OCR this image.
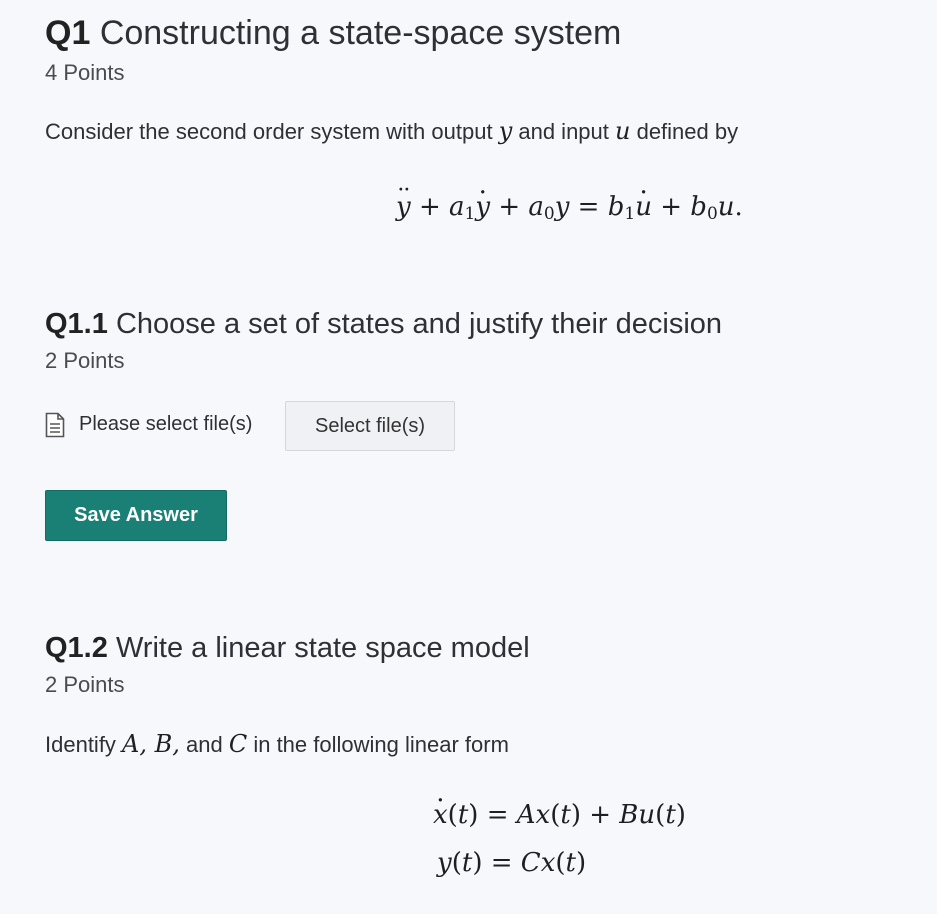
Q1 Constructing a state-space system
4 Points
Consider the second order system with output y and input u defined by
·· $y + a_1\cdot y + a_0y = b_1\cdot u + b_0u$.
Q1.1 Choose a set of states and justify their decision
2 Points
Please select file(s)	Select file(s)
Save Answer
Q1.2 Write a linear state space model
2 Points
Identify A, B, and C in the following linear form
· x(t) = Ax(t) + Bu(t)
y(t) = Cx(t)
